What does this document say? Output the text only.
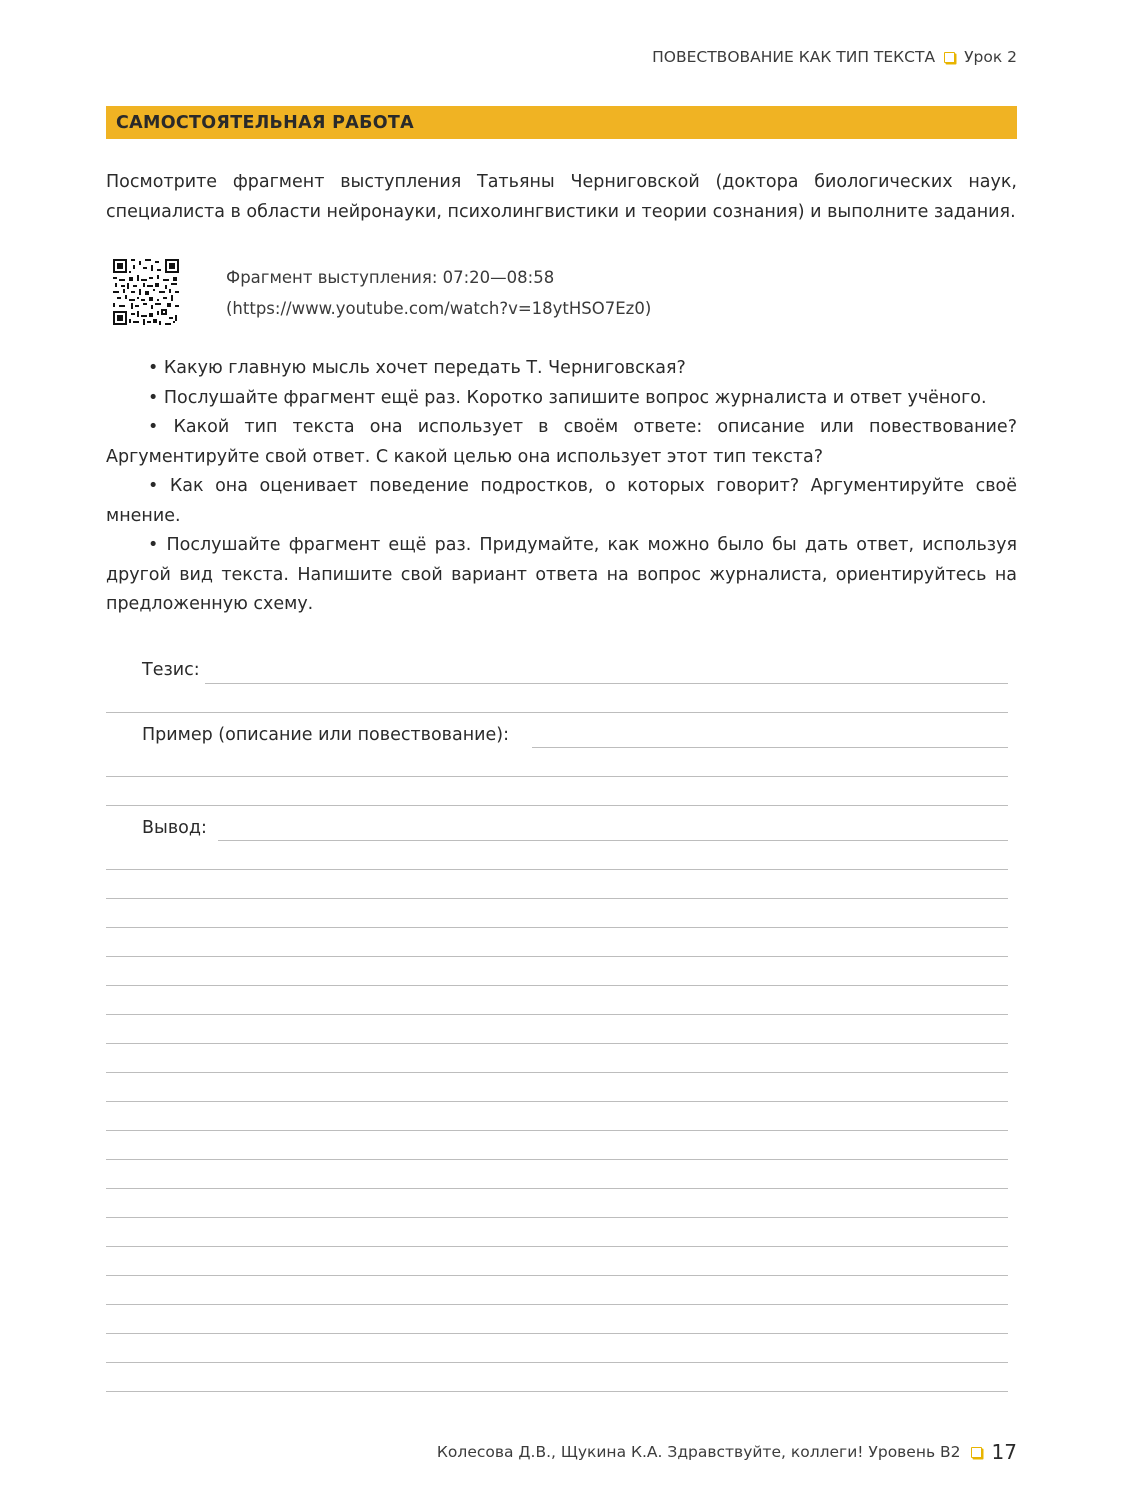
ПОВЕСТВОВАНИЕ КАК ТИП ТЕКСТА Урок 2
САМОСТОЯТЕЛЬНАЯ РАБОТА

Посмотрите фрагмент выступления Татьяны Черниговской (доктора биологических наук, специалиста в области нейронауки, психолингвистики и теории сознания) и выполните задания.

Фрагмент выступления: 07:20—08:58
(https://www.youtube.com/watch?v=18ytHSO7Ez0)

• Какую главную мысль хочет передать Т. Черниговская?

• Послушайте фрагмент ещё раз. Коротко запишите вопрос журналиста и ответ учёного.

• Какой тип текста она использует в своём ответе: описание или повествование? Аргументируйте свой ответ. С какой целью она использует этот тип текста?

• Как она оценивает поведение подростков, о которых говорит? Аргументируйте своё мнение.

• Послушайте фрагмент ещё раз. Придумайте, как можно было бы дать ответ, используя другой вид текста. Напишите свой вариант ответа на вопрос журналиста, ориентируйтесь на предложенную схему.

Тезис:
Пример (описание или повествование):
Вывод:
Колесова Д.В., Щукина К.А. Здравствуйте, коллеги! Уровень В2 17
